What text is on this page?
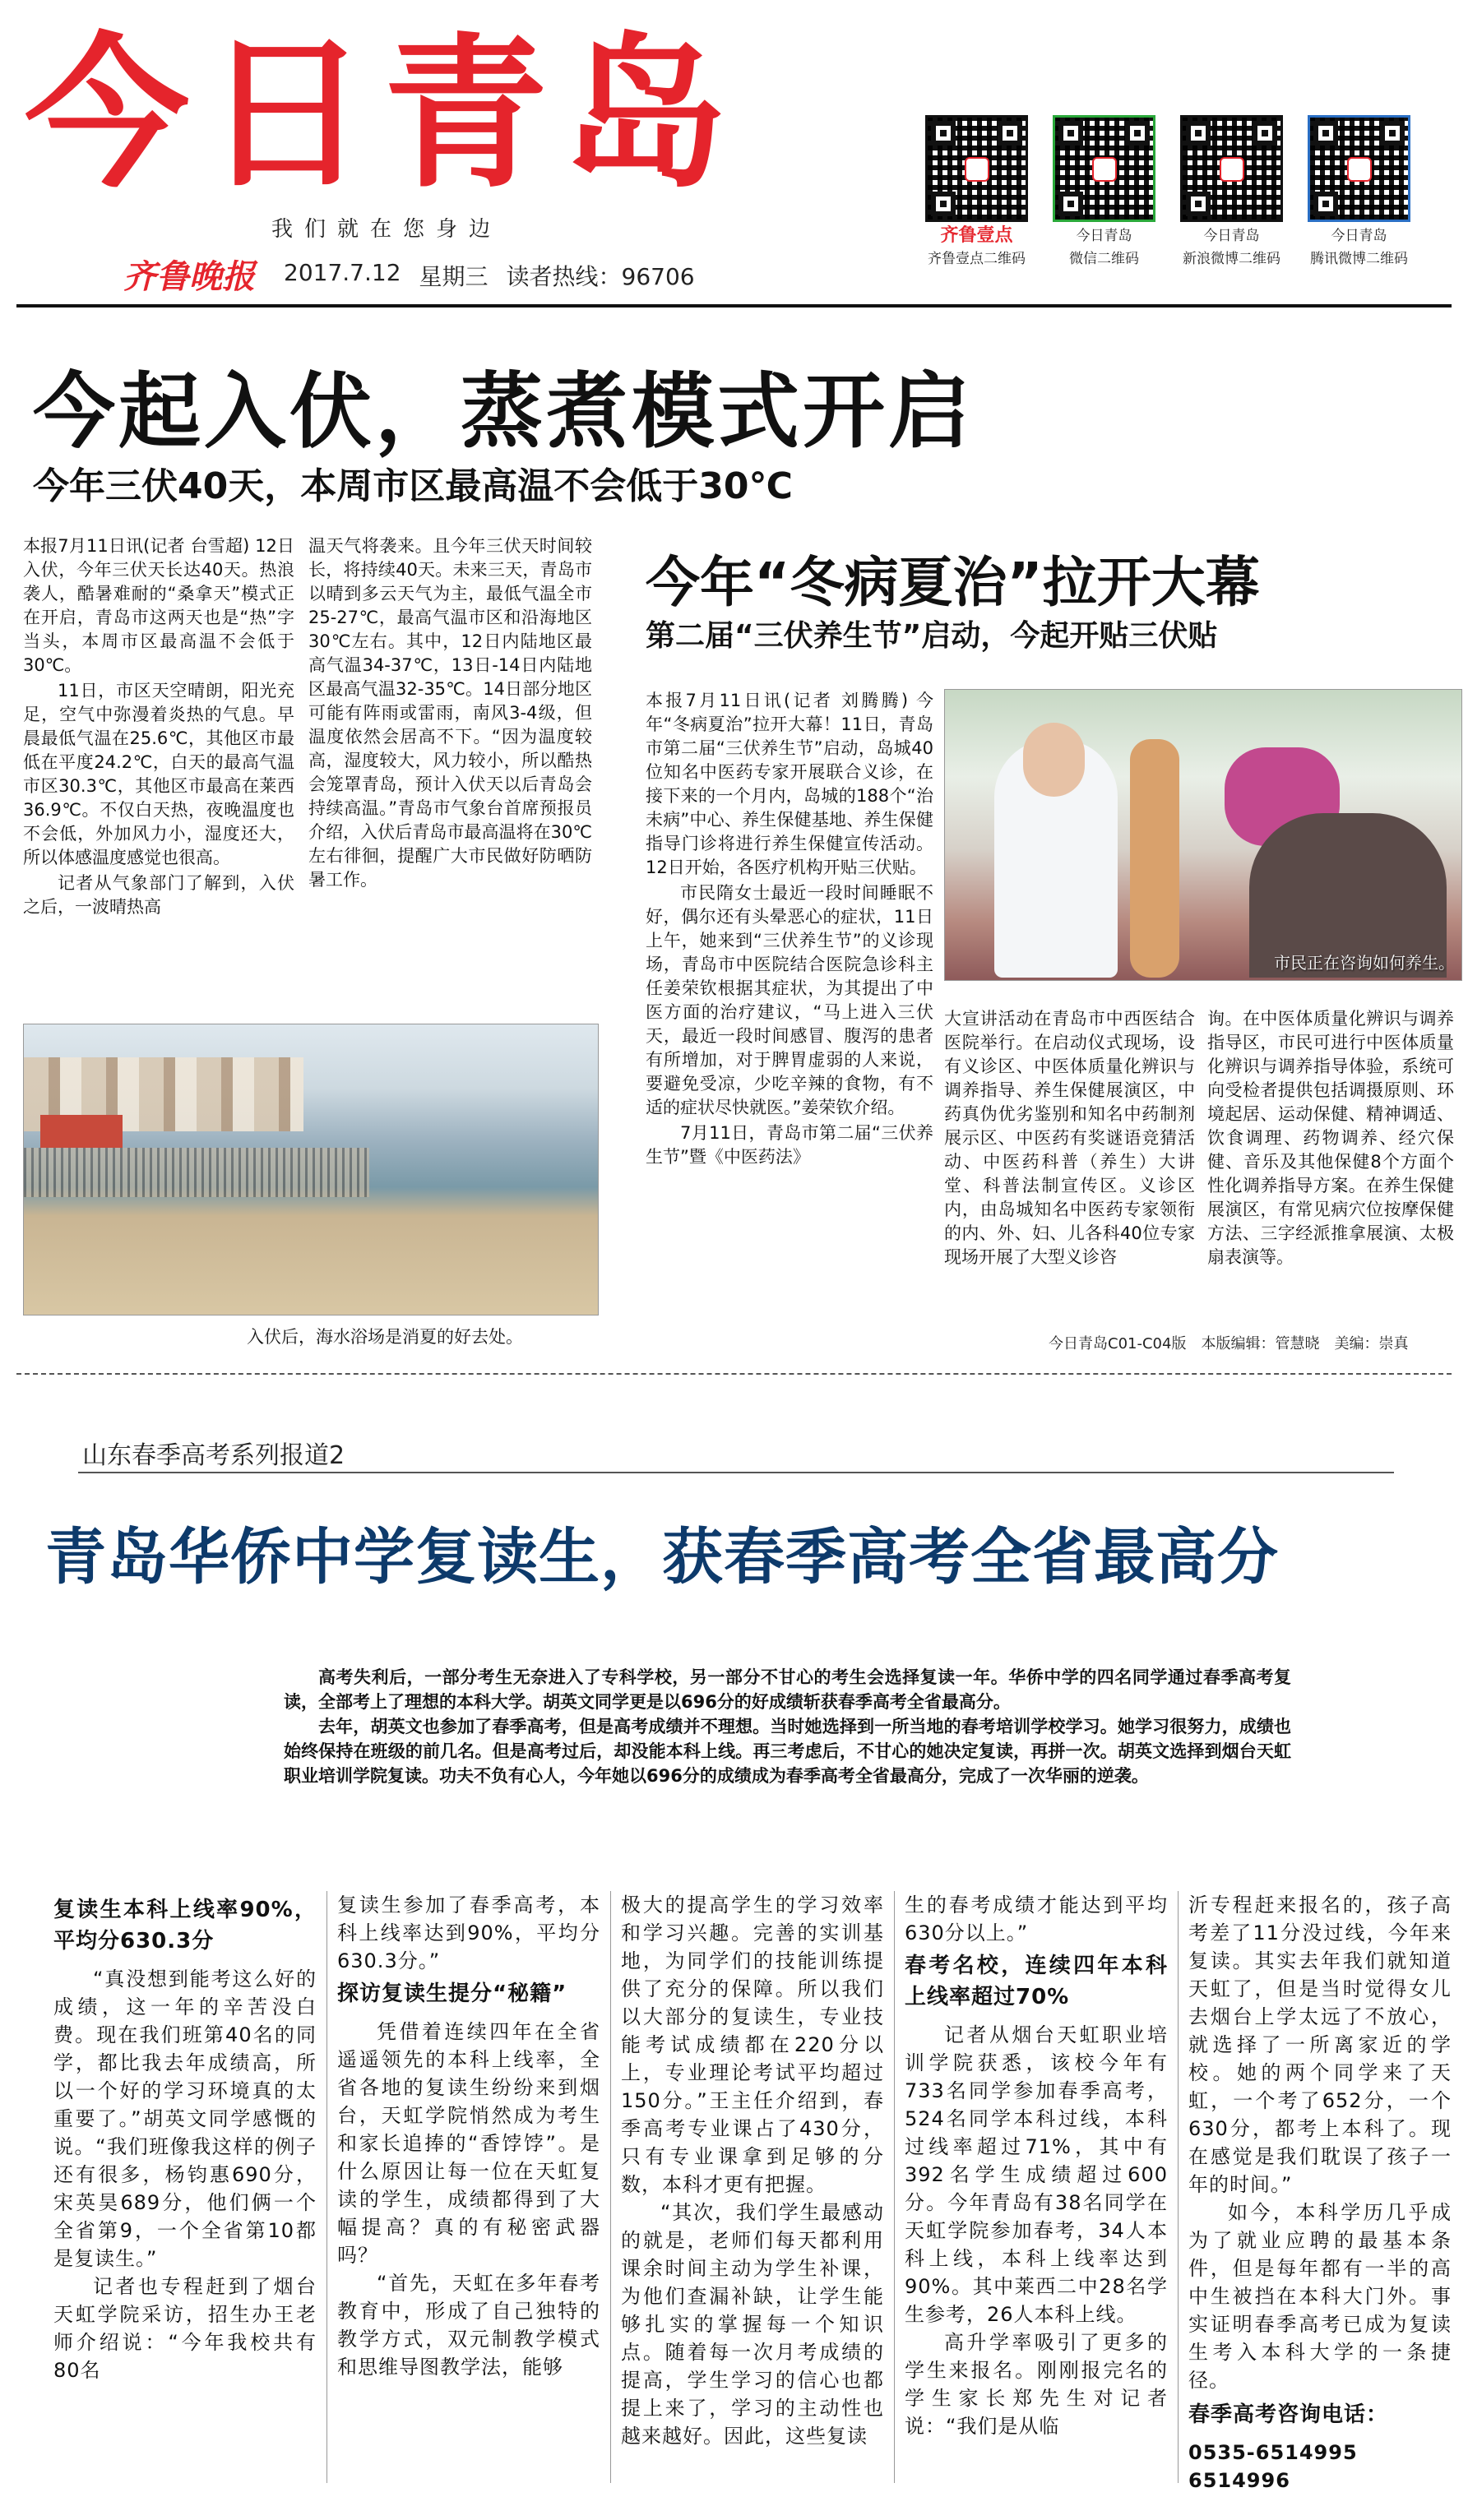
今日青岛
我们就在您身边
齐鲁晚报 2017.7.12 星期三 读者热线：96706
齐鲁壹点
齐鲁壹点二维码
今日青岛
微信二维码
今日青岛
新浪微博二维码
今日青岛
腾讯微博二维码
今起入伏，蒸煮模式开启
今年三伏40天，本周市区最高温不会低于30℃

本报7月11日讯(记者 台雪超) 12日入伏，今年三伏天长达40天。热浪袭人，酷暑难耐的“桑拿天”模式正在开启，青岛市这两天也是“热”字当头，本周市区最高温不会低于30℃。

11日，市区天空晴朗，阳光充足，空气中弥漫着炎热的气息。早晨最低气温在25.6℃，其他区市最低在平度24.2℃，白天的最高气温市区30.3℃，其他区市最高在莱西36.9℃。不仅白天热，夜晚温度也不会低，外加风力小，湿度还大，所以体感温度感觉也很高。

记者从气象部门了解到，入伏之后，一波晴热高

温天气将袭来。且今年三伏天时间较长，将持续40天。未来三天，青岛市以晴到多云天气为主，最低气温全市25-27℃，最高气温市区和沿海地区30℃左右。其中，12日内陆地区最高气温34-37℃，13日-14日内陆地区最高气温32-35℃。14日部分地区可能有阵雨或雷雨，南风3-4级，但温度依然会居高不下。“因为温度较高，湿度较大，风力较小，所以酷热会笼罩青岛，预计入伏天以后青岛会持续高温。”青岛市气象台首席预报员介绍，入伏后青岛市最高温将在30℃左右徘徊，提醒广大市民做好防晒防暑工作。

入伏后，海水浴场是消夏的好去处。
今年“冬病夏治”拉开大幕
第二届“三伏养生节”启动，今起开贴三伏贴

本报7月11日讯(记者 刘腾腾) 今年“冬病夏治”拉开大幕！11日，青岛市第二届“三伏养生节”启动，岛城40位知名中医药专家开展联合义诊，在接下来的一个月内，岛城的188个“治未病”中心、养生保健基地、养生保健指导门诊将进行养生保健宣传活动。12日开始，各医疗机构开贴三伏贴。

市民隋女士最近一段时间睡眠不好，偶尔还有头晕恶心的症状，11日上午，她来到“三伏养生节”的义诊现场，青岛市中医院结合医院急诊科主任姜荣钦根据其症状，为其提出了中医方面的治疗建议，“马上进入三伏天，最近一段时间感冒、腹泻的患者有所增加，对于脾胃虚弱的人来说，要避免受凉，少吃辛辣的食物，有不适的症状尽快就医。”姜荣钦介绍。

7月11日，青岛市第二届“三伏养生节”暨《中医药法》

市民正在咨询如何养生。

大宣讲活动在青岛市中西医结合医院举行。在启动仪式现场，设有义诊区、中医体质量化辨识与调养指导、养生保健展演区，中药真伪优劣鉴别和知名中药制剂展示区、中医药有奖谜语竞猜活动、中医药科普（养生）大讲堂、科普法制宣传区。义诊区内，由岛城知名中医药专家领衔的内、外、妇、儿各科40位专家现场开展了大型义诊咨

询。在中医体质量化辨识与调养指导区，市民可进行中医体质量化辨识与调养指导体验，系统可向受检者提供包括调摄原则、环境起居、运动保健、精神调适、饮食调理、药物调养、经穴保健、音乐及其他保健8个方面个性化调养指导方案。在养生保健展演区，有常见病穴位按摩保健方法、三字经派推拿展演、太极扇表演等。

今日青岛C01-C04版　本版编辑：管慧晓　美编：崇真
山东春季高考系列报道2
青岛华侨中学复读生，获春季高考全省最高分

高考失利后，一部分考生无奈进入了专科学校，另一部分不甘心的考生会选择复读一年。华侨中学的四名同学通过春季高考复读，全部考上了理想的本科大学。胡英文同学更是以696分的好成绩斩获春季高考全省最高分。

去年，胡英文也参加了春季高考，但是高考成绩并不理想。当时她选择到一所当地的春考培训学校学习。她学习很努力，成绩也始终保持在班级的前几名。但是高考过后，却没能本科上线。再三考虑后，不甘心的她决定复读，再拼一次。胡英文选择到烟台天虹职业培训学院复读。功夫不负有心人，今年她以696分的成绩成为春季高考全省最高分，完成了一次华丽的逆袭。

复读生本科上线率90%，平均分630.3分

“真没想到能考这么好的成绩，这一年的辛苦没白费。现在我们班第40名的同学，都比我去年成绩高，所以一个好的学习环境真的太重要了。”胡英文同学感慨的说。“我们班像我这样的例子还有很多，杨钧惠690分，宋英昊689分，他们俩一个全省第9，一个全省第10都是复读生。”

记者也专程赶到了烟台天虹学院采访，招生办王老师介绍说：“今年我校共有80名

复读生参加了春季高考，本科上线率达到90%，平均分630.3分。”

探访复读生提分“秘籍”

凭借着连续四年在全省遥遥领先的本科上线率，全省各地的复读生纷纷来到烟台，天虹学院悄然成为考生和家长追捧的“香饽饽”。是什么原因让每一位在天虹复读的学生，成绩都得到了大幅提高？真的有秘密武器吗？

“首先，天虹在多年春考教育中，形成了自己独特的教学方式，双元制教学模式和思维导图教学法，能够

极大的提高学生的学习效率和学习兴趣。完善的实训基地，为同学们的技能训练提供了充分的保障。所以我们以大部分的复读生，专业技能考试成绩都在220分以上，专业理论考试平均超过150分。”王主任介绍到，春季高考专业课占了430分，只有专业课拿到足够的分数，本科才更有把握。

“其次，我们学生最感动的就是，老师们每天都利用课余时间主动为学生补课，为他们查漏补缺，让学生能够扎实的掌握每一个知识点。随着每一次月考成绩的提高，学生学习的信心也都提上来了，学习的主动性也越来越好。因此，这些复读

生的春考成绩才能达到平均630分以上。”

春考名校，连续四年本科上线率超过70%

记者从烟台天虹职业培训学院获悉，该校今年有733名同学参加春季高考，524名同学本科过线，本科过线率超过71%，其中有392名学生成绩超过600分。今年青岛有38名同学在天虹学院参加春考，34人本科上线，本科上线率达到90%。其中莱西二中28名学生参考，26人本科上线。

高升学率吸引了更多的学生来报名。刚刚报完名的学生家长郑先生对记者说：“我们是从临

沂专程赶来报名的，孩子高考差了11分没过线，今年来复读。其实去年我们就知道天虹了，但是当时觉得女儿去烟台上学太远了不放心，就选择了一所离家近的学校。她的两个同学来了天虹，一个考了652分，一个630分，都考上本科了。现在感觉是我们耽误了孩子一年的时间。”

如今，本科学历几乎成为了就业应聘的最基本条件，但是每年都有一半的高中生被挡在本科大门外。事实证明春季高考已成为复读生考入本科大学的一条捷径。

春季高考咨询电话：

0535-6514995
6514996
